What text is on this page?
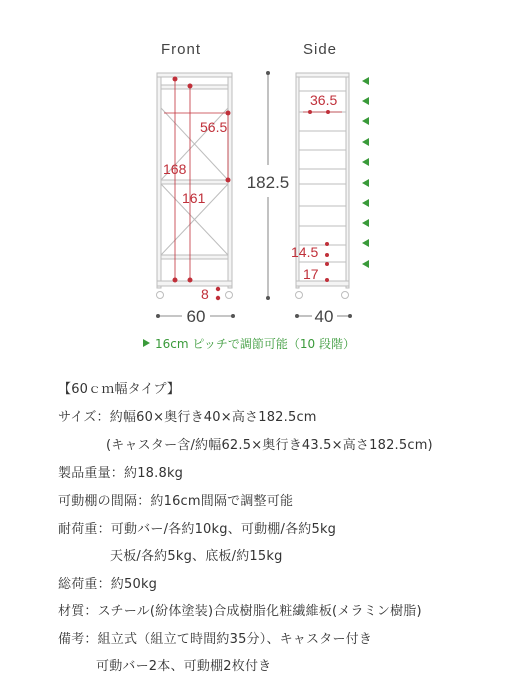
Front	Side
56.5
168
161
8
60
182.5
36.5
14.5
17
40
16cm ピッチで調節可能（10 段階）
【60ｃｍ幅タイプ】
サイズ：約幅60×奥行き40×高さ182.5cm
(キャスター含/約幅62.5×奥行き43.5×高さ182.5cm)
製品重量：約18.8kg
可動棚の間隔：約16cm間隔で調整可能
耐荷重：可動バー/各約10kg、可動棚/各約5kg
天板/各約5kg、底板/約15kg
総荷重：約50kg
材質：スチール(紛体塗装)合成樹脂化粧繊維板(メラミン樹脂)
備考：組立式（組立て時間約35分）、キャスター付き
可動バー2本、可動棚2枚付き
